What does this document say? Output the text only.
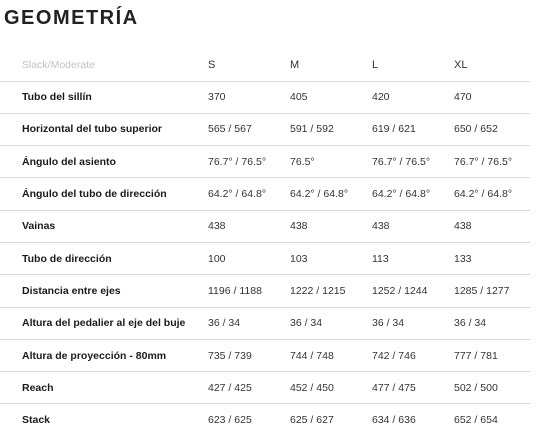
GEOMETRÍA
Slack/Moderate	S	M	L	XL
Tubo del sillín	370	405	420	470
Horizontal del tubo superior	565 / 567	591 / 592	619 / 621	650 / 652
Ángulo del asiento	76.7° / 76.5°	76.5°	76.7° / 76.5°	76.7° / 76.5°
Ángulo del tubo de dirección	64.2° / 64.8°	64.2° / 64.8°	64.2° / 64.8°	64.2° / 64.8°
Vainas	438	438	438	438
Tubo de dirección	100	103	113	133
Distancia entre ejes	1196 / 1188	1222 / 1215	1252 / 1244	1285 / 1277
Altura del pedalier al eje del buje	36 / 34	36 / 34	36 / 34	36 / 34
Altura de proyección - 80mm	735 / 739	744 / 748	742 / 746	777 / 781
Reach	427 / 425	452 / 450	477 / 475	502 / 500
Stack	623 / 625	625 / 627	634 / 636	652 / 654
